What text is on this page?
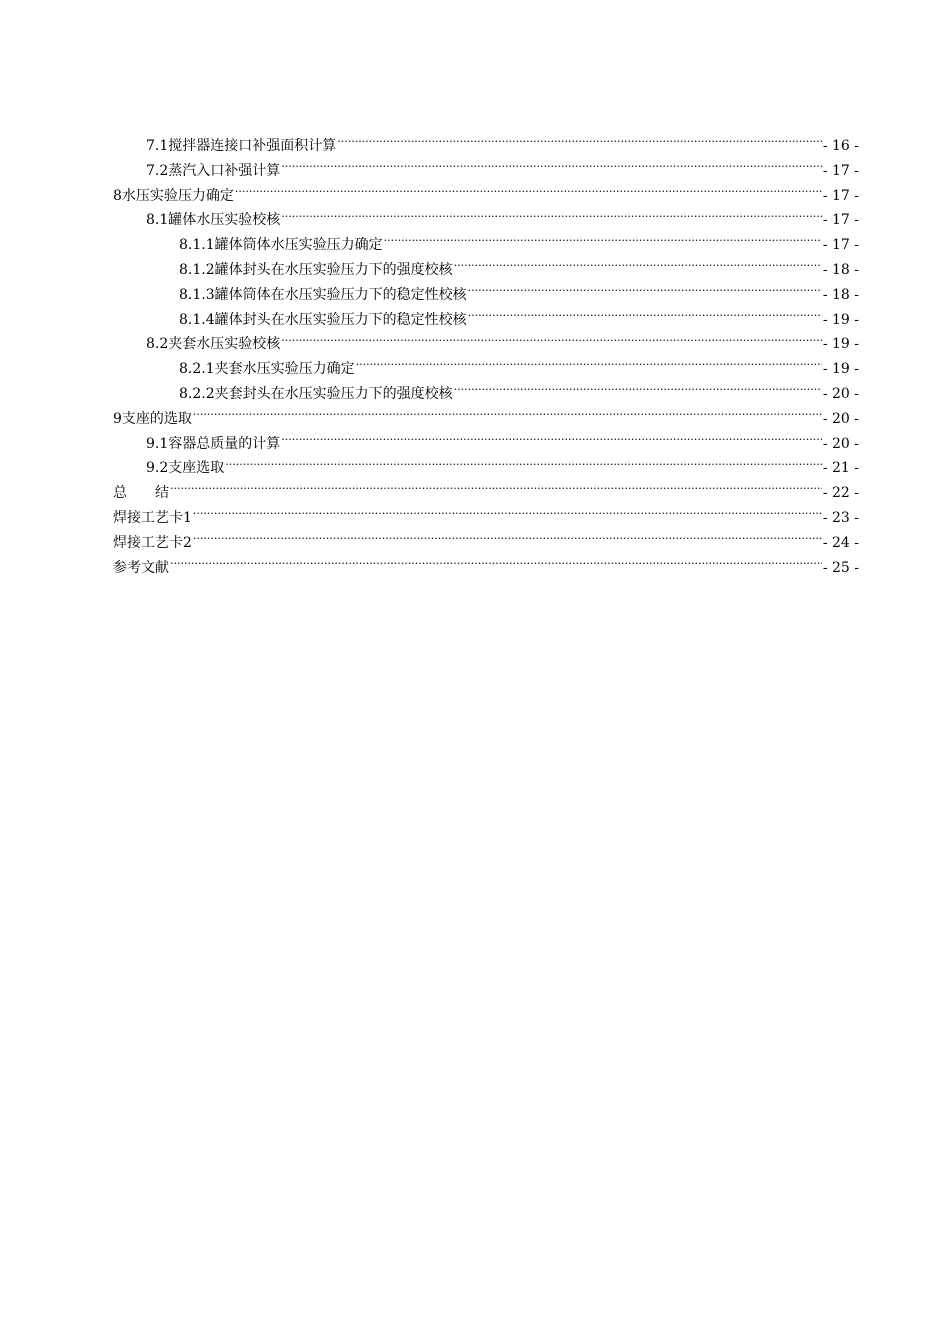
7.1搅拌器连接口补强面积计算 .....	- 16 -
7.2蒸汽入口补强计算 .....	- 17 -
8水压实验压力确定 .....	- 17 -
8.1罐体水压实验校核 .....	- 17 -
8.1.1罐体筒体水压实验压力确定 .....	- 17 -
8.1.2罐体封头在水压实验压力下的强度校核 .....	- 18 -
8.1.3罐体筒体在水压实验压力下的稳定性校核 .....	- 18 -
8.1.4罐体封头在水压实验压力下的稳定性校核 .....	- 19 -
8.2夹套水压实验校核 .....	- 19 -
8.2.1夹套水压实验压力确定 .....	- 19 -
8.2.2夹套封头在水压实验压力下的强度校核 .....	- 20 -
9支座的选取 .....	- 20 -
9.1容器总质量的计算 .....	- 20 -
9.2支座选取 .....	- 21 -
总　　结 .....	- 22 -
焊接工艺卡1 .....	- 23 -
焊接工艺卡2 .....	- 24 -
参考文献 .....	- 25 -
